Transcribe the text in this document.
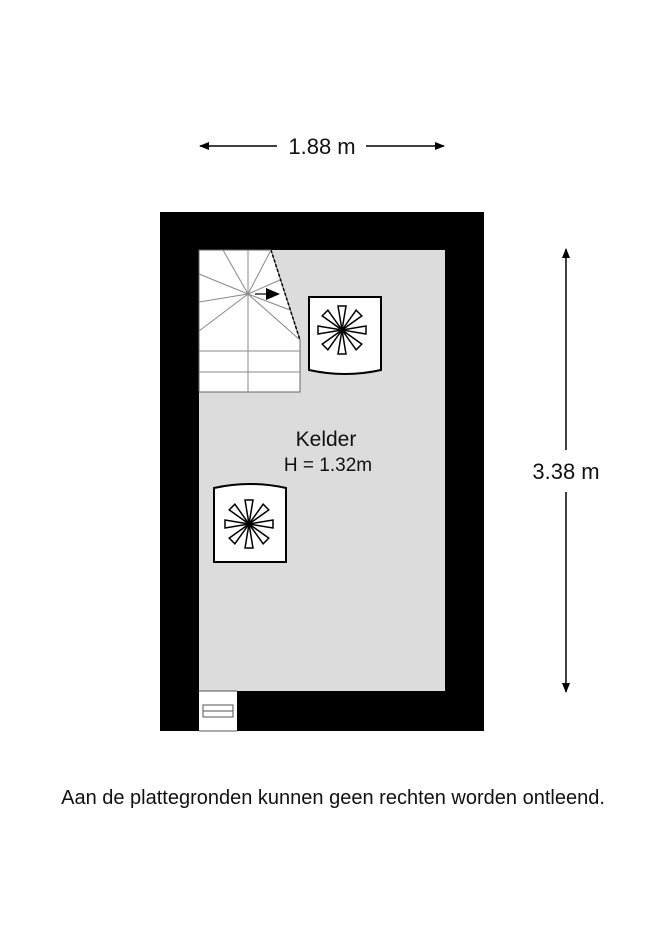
1.88 m
Kelder
H = 1.32m	3.38 m
Aan de plattegronden kunnen geen rechten worden ontleend.
